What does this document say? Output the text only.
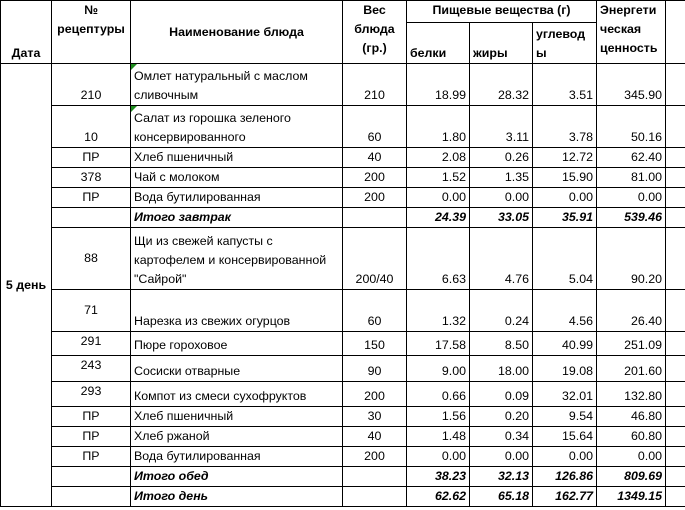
Дата	№ рецептуры	Наименование блюда	Вес блюда (гр.)	Пищевые вещества (г)			Энергети ческая ценность	
				белки	жиры	углевод ы		
5 день	210	Омлет натуральный с маслом сливочным	210	18.99	28.32	3.51	345.90	
	10	Салат из горошка зеленого консервированного	60	1.80	3.11	3.78	50.16	
	ПР	Хлеб пшеничный	40	2.08	0.26	12.72	62.40	
	378	Чай с молоком	200	1.52	1.35	15.90	81.00	
	ПР	Вода бутилированная	200	0.00	0.00	0.00	0.00	
		Итого завтрак		24.39	33.05	35.91	539.46	
	88	Щи из свежей капусты с картофелем и консервированной "Сайрой"	200/40	6.63	4.76	5.04	90.20	
	71	Нарезка из свежих огурцов	60	1.32	0.24	4.56	26.40	
	291	Пюре гороховое	150	17.58	8.50	40.99	251.09	
	243	Сосиски отварные	90	9.00	18.00	19.08	201.60	
	293	Компот из смеси сухофруктов	200	0.66	0.09	32.01	132.80	
	ПР	Хлеб пшеничный	30	1.56	0.20	9.54	46.80	
	ПР	Хлеб ржаной	40	1.48	0.34	15.64	60.80	
	ПР	Вода бутилированная	200	0.00	0.00	0.00	0.00	
		Итого обед		38.23	32.13	126.86	809.69	
		Итого день		62.62	65.18	162.77	1349.15	
